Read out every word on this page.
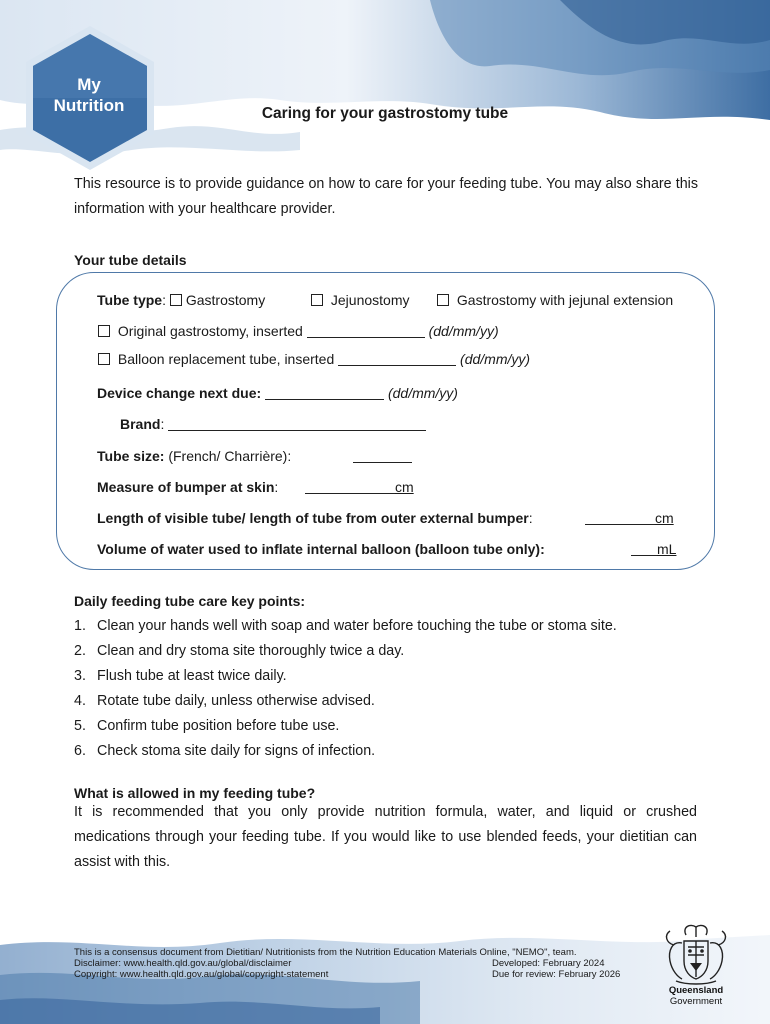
My
Nutrition	Caring for your gastrostomy tube
This resource is to provide guidance on how to care for your feeding tube. You may also share this information with your healthcare provider.
Your tube details
Tube type: Gastrostomy	Jejunostomy	Gastrostomy with jejunal extension
Original gastrostomy, inserted	(dd/mm/yy)
Balloon replacement tube, inserted	(dd/mm/yy)
Device change next due:	(dd/mm/yy)
Brand:
Tube size: (French/ Charrière):
Measure of bumper at skin:	cm
Length of visible tube/ length of tube from outer external bumper:	cm
Volume of water used to inflate internal balloon (balloon tube only):	mL
Daily feeding tube care key points:
1. Clean your hands well with soap and water before touching the tube or stoma site.
2. Clean and dry stoma site thoroughly twice a day.
3. Flush tube at least twice daily.
4. Rotate tube daily, unless otherwise advised.
5. Confirm tube position before tube use.
6. Check stoma site daily for signs of infection.
What is allowed in my feeding tube?
It is recommended that you only provide nutrition formula, water, and liquid or crushed medications through your feeding tube. If you would like to use blended feeds, your dietitian can assist with this.
This is a consensus document from Dietitian/ Nutritionists from the Nutrition Education Materials Online, "NEMO", team.
Disclaimer: www.health.qld.gov.au/global/disclaimer
Copyright: www.health.qld.gov.au/global/copyright-statement
Developed: February 2024
Due for review: February 2026
Queensland
Government
